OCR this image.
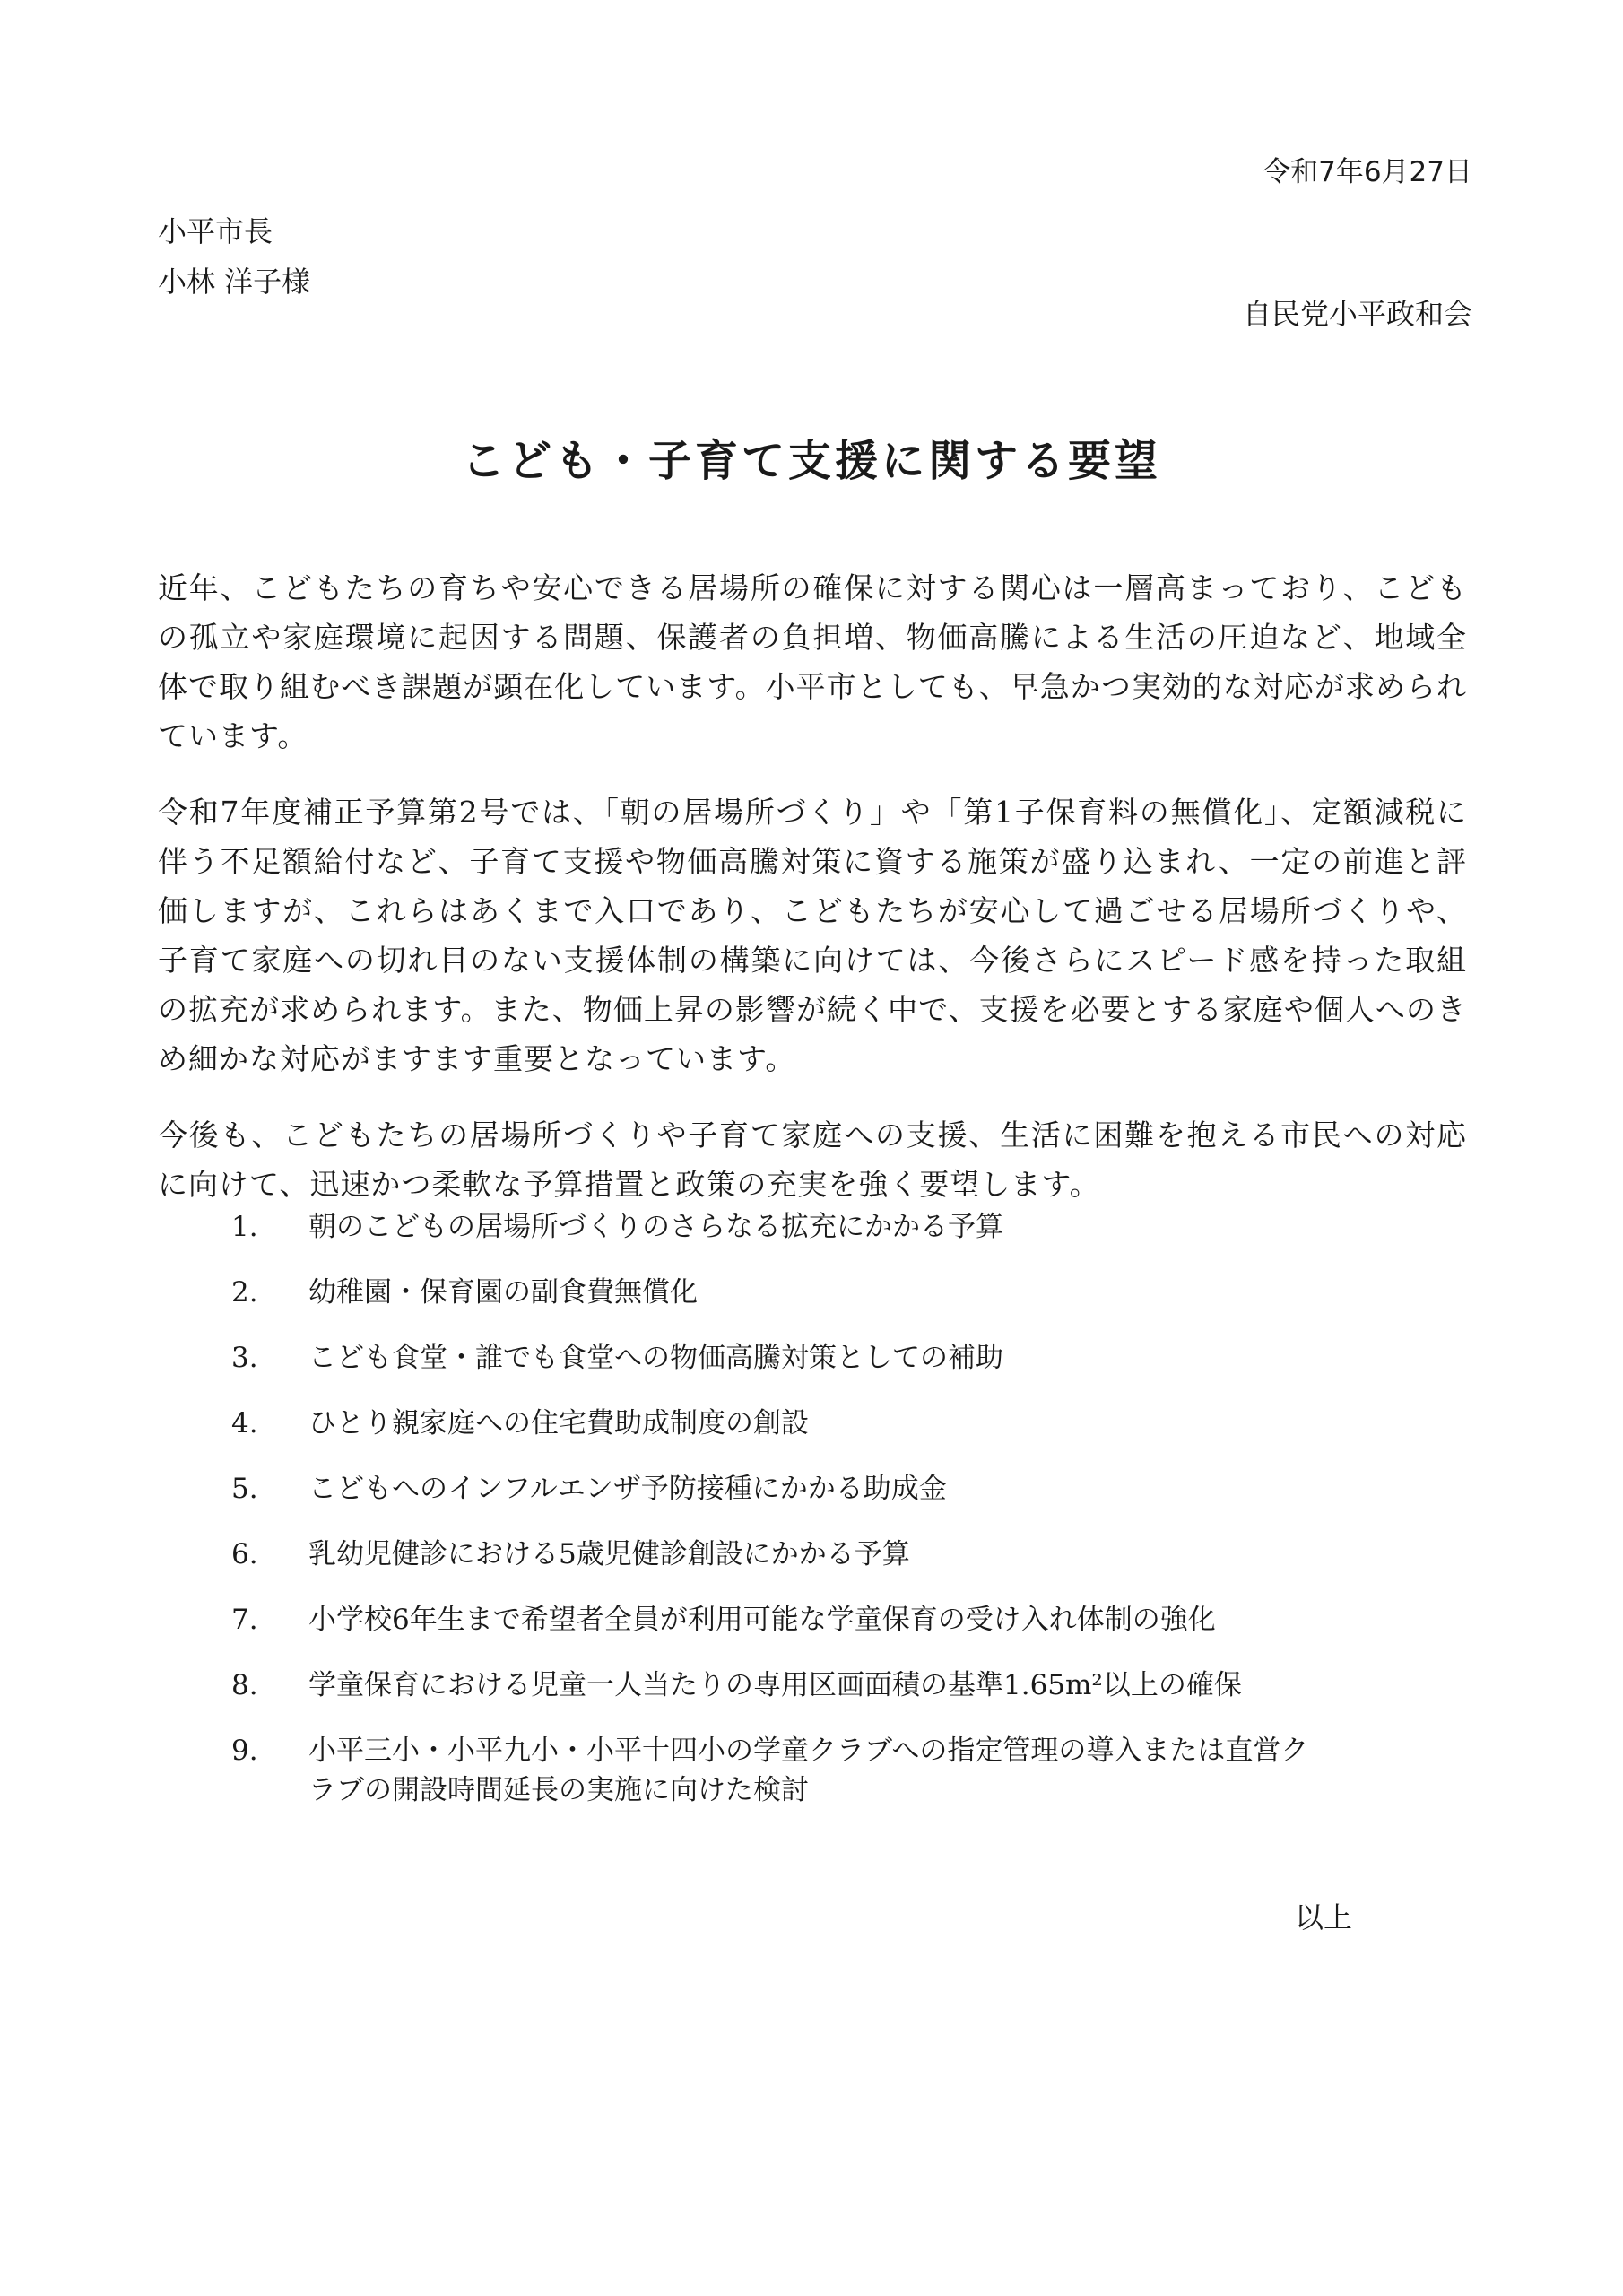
令和7年6月27日
小平市長
小林 洋子様
自民党小平政和会
こども・子育て支援に関する要望

近年、こどもたちの育ちや安心できる居場所の確保に対する関心は一層高まっており、こどもの孤立や家庭環境に起因する問題、保護者の負担増、物価高騰による生活の圧迫など、地域全体で取り組むべき課題が顕在化しています。小平市としても、早急かつ実効的な対応が求められています。

令和7年度補正予算第2号では、「朝の居場所づくり」や「第1子保育料の無償化」、定額減税に伴う不足額給付など、子育て支援や物価高騰対策に資する施策が盛り込まれ、一定の前進と評価しますが、これらはあくまで入口であり、こどもたちが安心して過ごせる居場所づくりや、子育て家庭への切れ目のない支援体制の構築に向けては、今後さらにスピード感を持った取組の拡充が求められます。また、物価上昇の影響が続く中で、支援を必要とする家庭や個人へのきめ細かな対応がますます重要となっています。

今後も、こどもたちの居場所づくりや子育て家庭への支援、生活に困難を抱える市民への対応に向けて、迅速かつ柔軟な予算措置と政策の充実を強く要望します。

1.	朝のこどもの居場所づくりのさらなる拡充にかかる予算
2.	幼稚園・保育園の副食費無償化
3.	こども食堂・誰でも食堂への物価高騰対策としての補助
4.	ひとり親家庭への住宅費助成制度の創設
5.	こどもへのインフルエンザ予防接種にかかる助成金
6.	乳幼児健診における5歳児健診創設にかかる予算
7.	小学校6年生まで希望者全員が利用可能な学童保育の受け入れ体制の強化
8.	学童保育における児童一人当たりの専用区画面積の基準1.65m²以上の確保
9.	小平三小・小平九小・小平十四小の学童クラブへの指定管理の導入または直営クラブの開設時間延長の実施に向けた検討
以上
